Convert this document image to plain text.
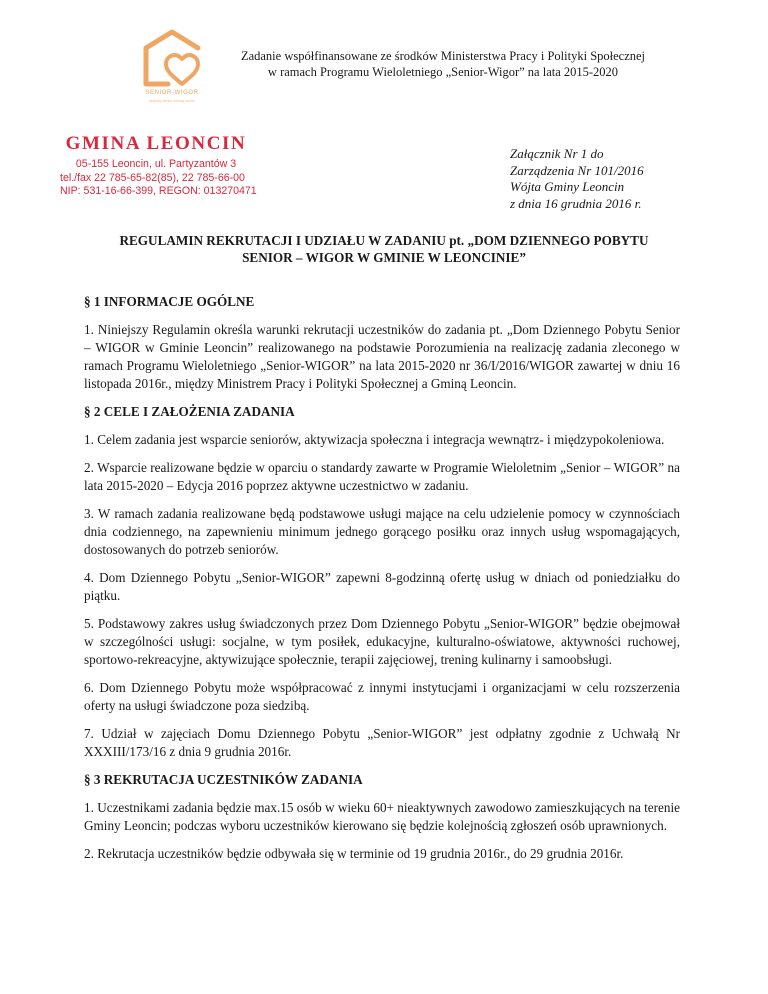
SENIOR-WIGOR
aktywny senior zdrowy senior
Zadanie współfinansowane ze środków Ministerstwa Pracy i Polityki Społecznej
w ramach Programu Wieloletniego „Senior-Wigor” na lata 2015-2020
GMINA LEONCIN
05-155 Leoncin, ul. Partyzantów 3
tel./fax 22 785-65-82(85), 22 785-66-00
NIP: 531-16-66-399, REGON: 013270471
Załącznik Nr 1 do
Zarządzenia Nr 101/2016
Wójta Gminy Leoncin
z dnia 16 grudnia 2016 r.
REGULAMIN REKRUTACJI I UDZIAŁU W ZADANIU pt. „DOM DZIENNEGO POBYTU
SENIOR – WIGOR W GMINIE W LEONCINIE”
§ 1 INFORMACJE OGÓLNE

1. Niniejszy Regulamin określa warunki rekrutacji uczestników do zadania pt. „Dom Dziennego Pobytu Senior – WIGOR w Gminie Leoncin” realizowanego na podstawie Porozumienia na realizację zadania zleconego w ramach Programu Wieloletniego „Senior-WIGOR” na lata 2015-2020 nr 36/I/2016/WIGOR zawartej w dniu 16 listopada 2016r., między Ministrem Pracy i Polityki Społecznej a Gminą Leoncin.

§ 2 CELE I ZAŁOŻENIA ZADANIA

1. Celem zadania jest wsparcie seniorów, aktywizacja społeczna i integracja wewnątrz- i międzypokoleniowa.

2. Wsparcie realizowane będzie w oparciu o standardy zawarte w Programie Wieloletnim „Senior – WIGOR” na lata 2015-2020 – Edycja 2016 poprzez aktywne uczestnictwo w zadaniu.

3. W ramach zadania realizowane będą podstawowe usługi mające na celu udzielenie pomocy w czynnościach dnia codziennego, na zapewnieniu minimum jednego gorącego posiłku oraz innych usług wspomagających, dostosowanych do potrzeb seniorów.

4. Dom Dziennego Pobytu „Senior-WIGOR” zapewni 8-godzinną ofertę usług w dniach od poniedziałku do piątku.

5. Podstawowy zakres usług świadczonych przez Dom Dziennego Pobytu „Senior-WIGOR” będzie obejmował w szczególności usługi: socjalne, w tym posiłek, edukacyjne, kulturalno-oświatowe, aktywności ruchowej, sportowo-rekreacyjne, aktywizujące społecznie, terapii zajęciowej, trening kulinarny i samoobsługi.

6. Dom Dziennego Pobytu może współpracować z innymi instytucjami i organizacjami w celu rozszerzenia oferty na usługi świadczone poza siedzibą.

7. Udział w zajęciach Domu Dziennego Pobytu „Senior-WIGOR” jest odpłatny zgodnie z Uchwałą Nr XXXIII/173/16 z dnia 9 grudnia 2016r.

§ 3 REKRUTACJA UCZESTNIKÓW ZADANIA

1. Uczestnikami zadania będzie max.15 osób w wieku 60+ nieaktywnych zawodowo zamieszkujących na terenie Gminy Leoncin; podczas wyboru uczestników kierowano się będzie kolejnością zgłoszeń osób uprawnionych.

2. Rekrutacja uczestników będzie odbywała się w terminie od 19 grudnia 2016r., do 29 grudnia 2016r.
